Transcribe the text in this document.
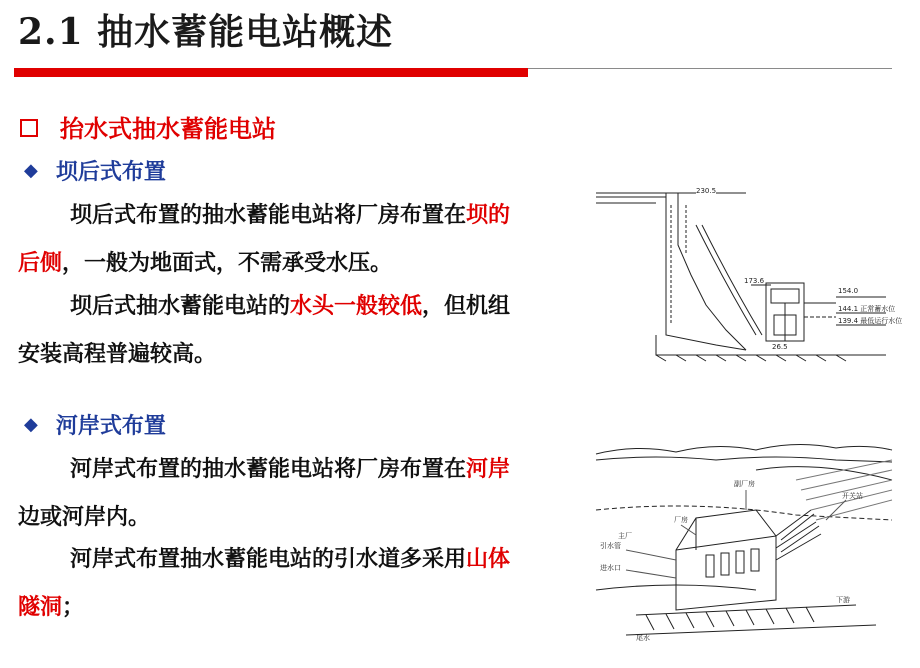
2.1 抽水蓄能电站概述
抬水式抽水蓄能电站
◆ 坝后式布置

坝后式布置的抽水蓄能电站将厂房布置在坝的后侧，一般为地面式，不需承受水压。

坝后式抽水蓄能电站的水头一般较低，但机组安装高程普遍较高。

◆ 河岸式布置

河岸式布置的抽水蓄能电站将厂房布置在河岸边或河岸内。

河岸式布置抽水蓄能电站的引水道多采用山体隧洞；

230.5
173.6
154.0
144.1 正常蓄水位
139.4 最低运行水位
26.5
厂房
副厂房
引水管
进水口
主厂
尾水
下游
开关站
